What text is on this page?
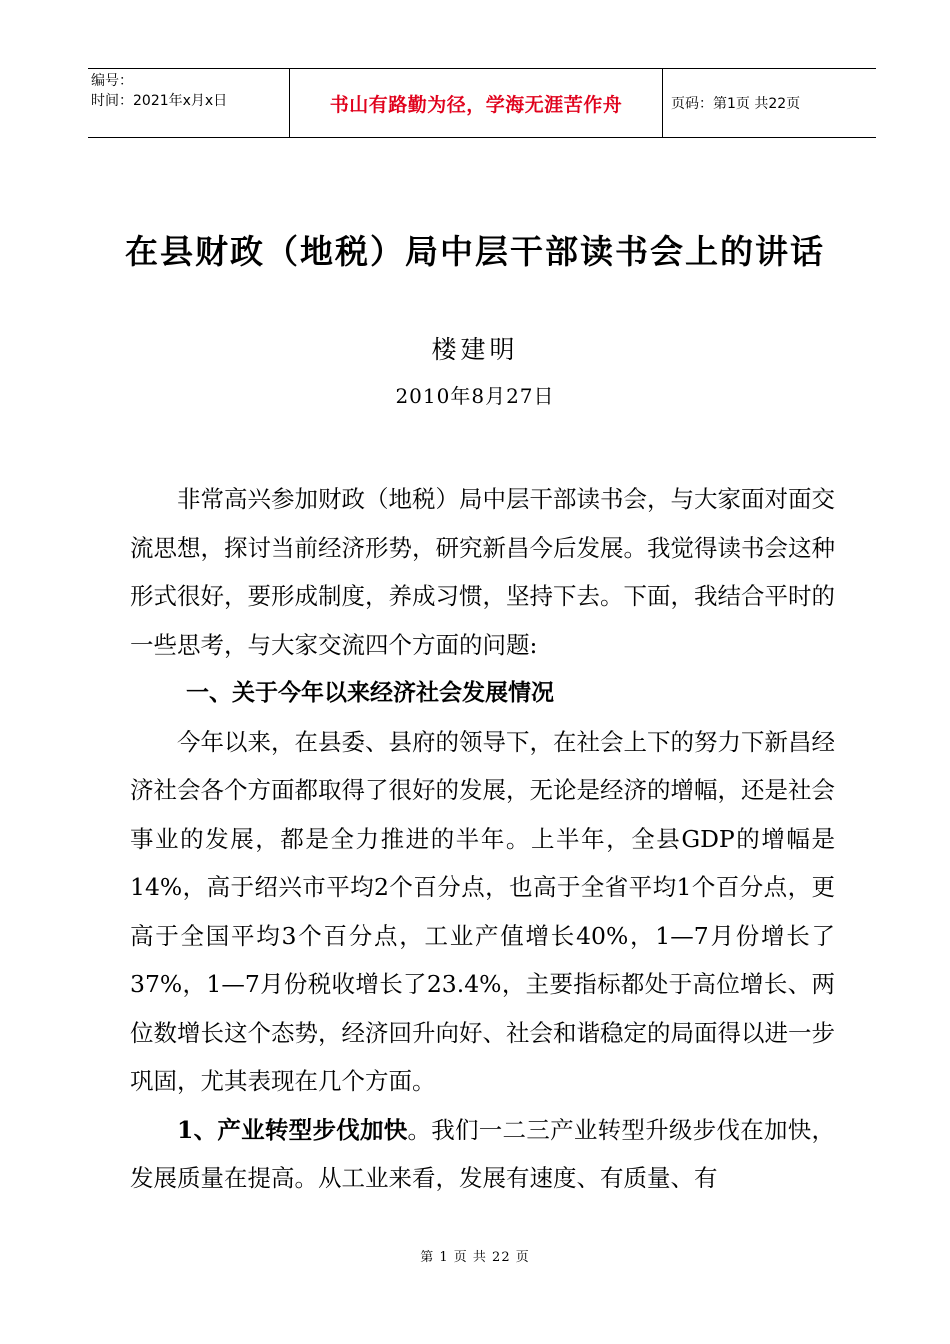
编号：
时间：2021年x月x日	书山有路勤为径，学海无涯苦作舟	页码：第1页 共22页
在县财政（地税）局中层干部读书会上的讲话
楼建明
2010年8月27日

非常高兴参加财政（地税）局中层干部读书会，与大家面对面交流思想，探讨当前经济形势，研究新昌今后发展。我觉得读书会这种形式很好，要形成制度，养成习惯，坚持下去。下面，我结合平时的一些思考，与大家交流四个方面的问题:

一、关于今年以来经济社会发展情况

今年以来，在县委、县府的领导下，在社会上下的努力下新昌经济社会各个方面都取得了很好的发展，无论是经济的增幅，还是社会事业的发展，都是全力推进的半年。上半年，全县GDP的增幅是14%，高于绍兴市平均2个百分点，也高于全省平均1个百分点，更高于全国平均3个百分点，工业产值增长40%，1—7月份增长了37%，1—7月份税收增长了23.4%，主要指标都处于高位增长、两位数增长这个态势，经济回升向好、社会和谐稳定的局面得以进一步巩固，尤其表现在几个方面。

1、产业转型步伐加快。我们一二三产业转型升级步伐在加快，发展质量在提高。从工业来看，发展有速度、有质量、有

第 1 页 共 22 页
